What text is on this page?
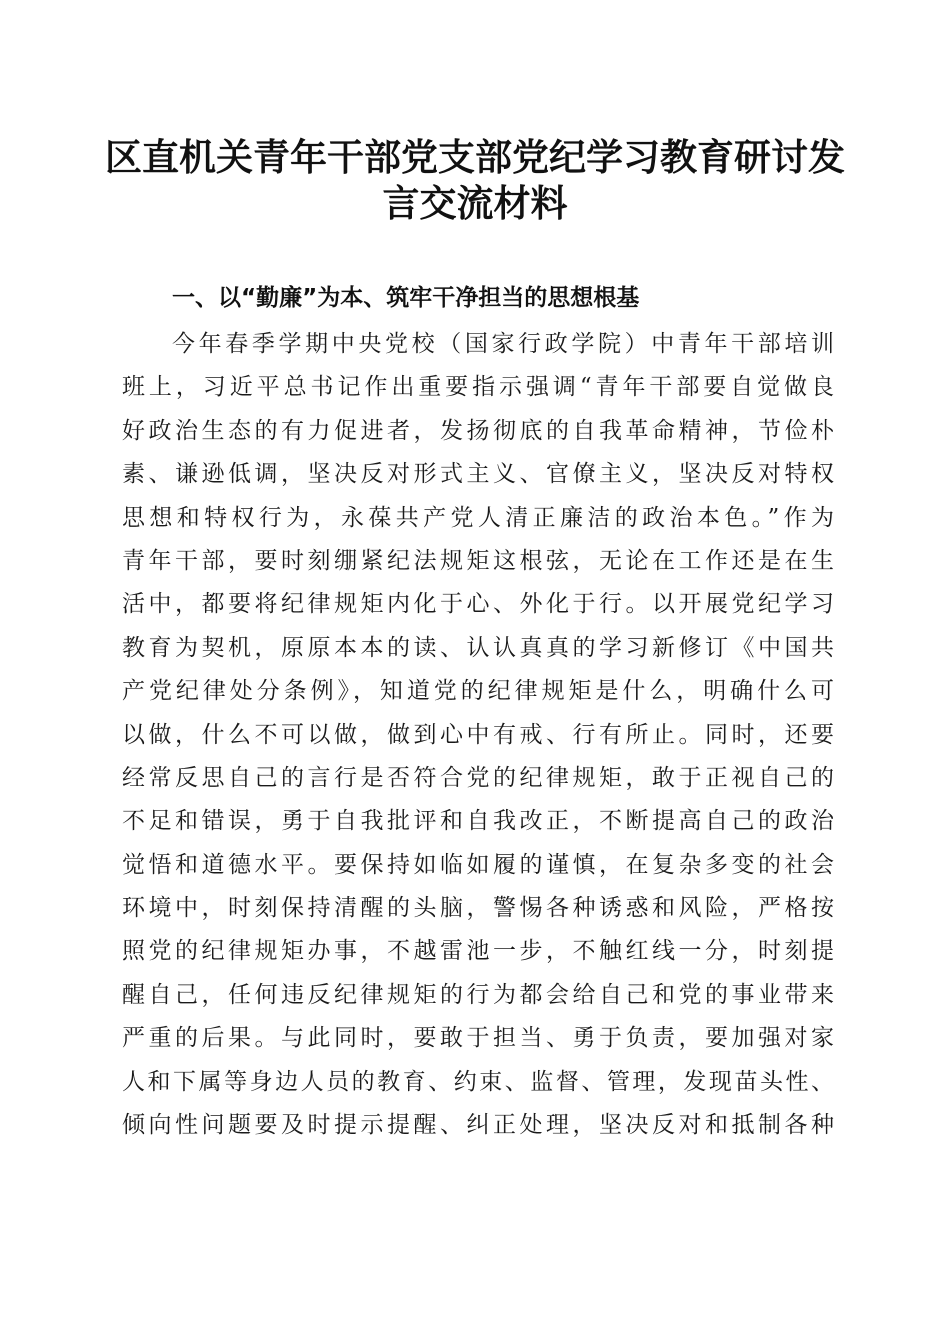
区直机关青年干部党支部党纪学习教育研讨发
言交流材料
一、以“勤廉”为本、筑牢干净担当的思想根基
今年春季学期中央党校（国家行政学院）中青年干部培训
班上，习近平总书记作出重要指示强调“青年干部要自觉做良
好政治生态的有力促进者，发扬彻底的自我革命精神，节俭朴
素、谦逊低调，坚决反对形式主义、官僚主义，坚决反对特权
思想和特权行为，永葆共产党人清正廉洁的政治本色。”作为
青年干部，要时刻绷紧纪法规矩这根弦，无论在工作还是在生
活中，都要将纪律规矩内化于心、外化于行。以开展党纪学习
教育为契机，原原本本的读、认认真真的学习新修订《中国共
产党纪律处分条例》，知道党的纪律规矩是什么，明确什么可
以做，什么不可以做，做到心中有戒、行有所止。同时，还要
经常反思自己的言行是否符合党的纪律规矩，敢于正视自己的
不足和错误，勇于自我批评和自我改正，不断提高自己的政治
觉悟和道德水平。要保持如临如履的谨慎，在复杂多变的社会
环境中，时刻保持清醒的头脑，警惕各种诱惑和风险，严格按
照党的纪律规矩办事，不越雷池一步，不触红线一分，时刻提
醒自己，任何违反纪律规矩的行为都会给自己和党的事业带来
严重的后果。与此同时，要敢于担当、勇于负责，要加强对家
人和下属等身边人员的教育、约束、监督、管理，发现苗头性、
倾向性问题要及时提示提醒、纠正处理，坚决反对和抵制各种
